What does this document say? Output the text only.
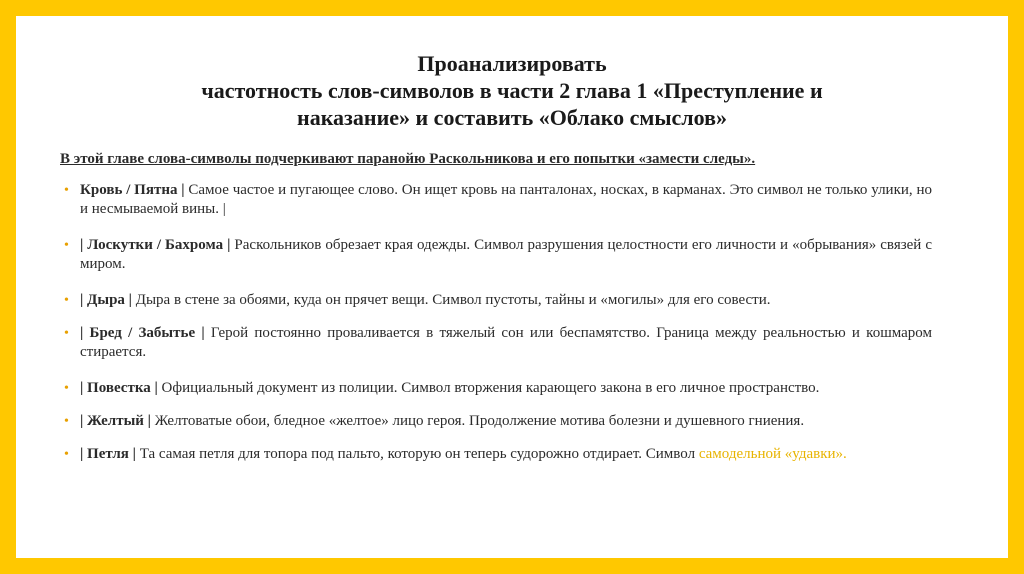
Проанализировать
частотность слов-символов в части 2 глава 1 «Преступление и
наказание» и составить «Облако смыслов»

В этой главе слова-символы подчеркивают паранойю Раскольникова и его попытки «замести следы».

• Кровь / Пятна | Самое частое и пугающее слово. Он ищет кровь на панталонах, носках, в карманах. Это символ не только улики, но и несмываемой вины. |
• | Лоскутки / Бахрома | Раскольников обрезает края одежды. Символ разрушения целостности его личности и «обрывания» связей с миром.
• | Дыра | Дыра в стене за обоями, куда он прячет вещи. Символ пустоты, тайны и «могилы» для его совести.
• | Бред / Забытье | Герой постоянно проваливается в тяжелый сон или беспамятство. Граница между реальностью и кошмаром стирается.
• | Повестка | Официальный документ из полиции. Символ вторжения карающего закона в его личное пространство.
• | Желтый | Желтоватые обои, бледное «желтое» лицо героя. Продолжение мотива болезни и душевного гниения.
• | Петля | Та самая петля для топора под пальто, которую он теперь судорожно отдирает. Символ самодельной «удавки».
